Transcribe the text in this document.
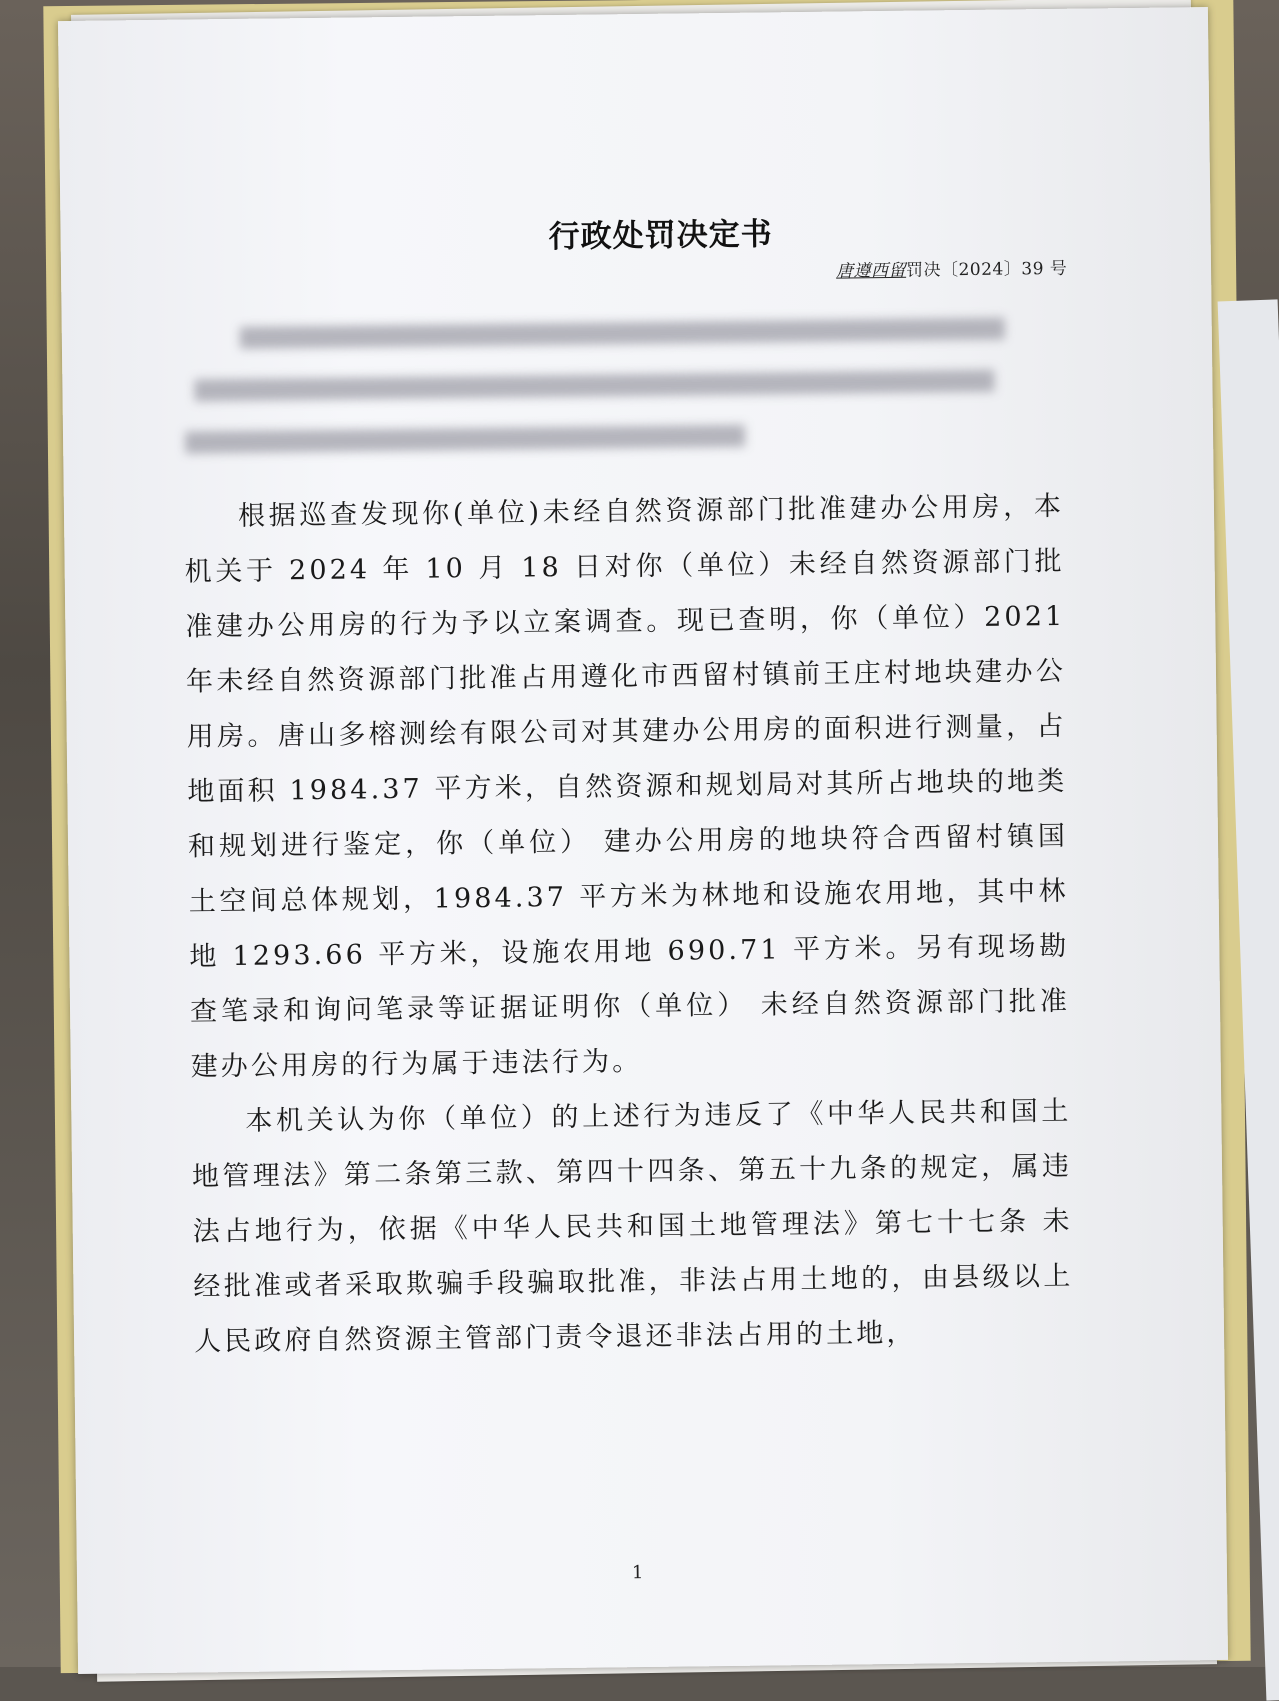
行政处罚决定书
唐遵西留罚决〔2024〕39 号

根据巡查发现你(单位)未经自然资源部门批准建办公用房，本机关于 2024 年 10 月 18 日对你（单位）未经自然资源部门批准建办公用房的行为予以立案调查。现已查明，你（单位）2021 年未经自然资源部门批准占用遵化市西留村镇前王庄村地块建办公用房。唐山多榕测绘有限公司对其建办公用房的面积进行测量，占地面积 1984.37 平方米，自然资源和规划局对其所占地块的地类和规划进行鉴定，你（单位） 建办公用房的地块符合西留村镇国土空间总体规划，1984.37 平方米为林地和设施农用地，其中林地 1293.66 平方米，设施农用地 690.71 平方米。另有现场勘查笔录和询问笔录等证据证明你（单位） 未经自然资源部门批准建办公用房的行为属于违法行为。

本机关认为你（单位）的上述行为违反了《中华人民共和国土地管理法》第二条第三款、第四十四条、第五十九条的规定，属违法占地行为，依据《中华人民共和国土地管理法》第七十七条 未经批准或者采取欺骗手段骗取批准，非法占用土地的，由县级以上人民政府自然资源主管部门责令退还非法占用的土地，

1
